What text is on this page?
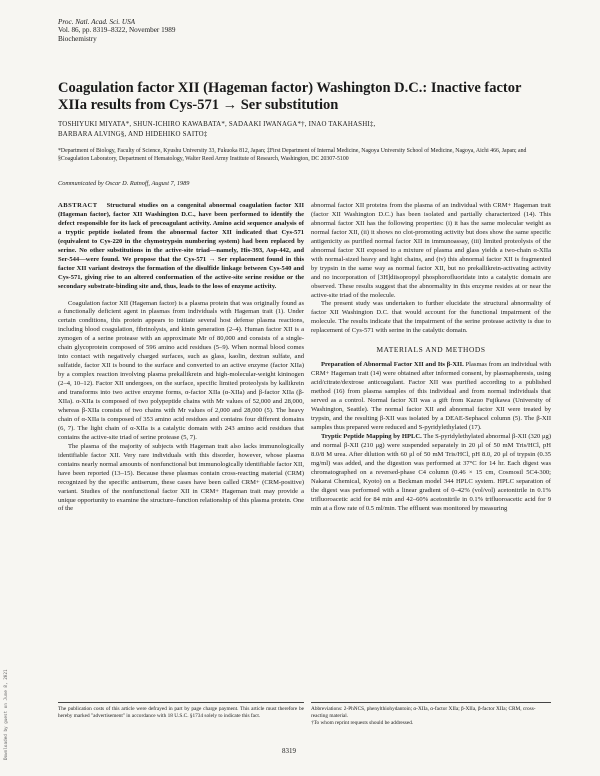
Proc. Natl. Acad. Sci. USA
Vol. 86, pp. 8319–8322, November 1989
Biochemistry
Coagulation factor XII (Hageman factor) Washington D.C.: Inactive factor XIIa results from Cys-571 → Ser substitution
TOSHIYUKI MIYATA*, SHUN-ICHIRO KAWABATA*, SADAAKI IWANAGA*†, INAO TAKAHASHI‡,
BARBARA ALVING§, AND HIDEHIKO SAITO‡
*Department of Biology, Faculty of Science, Kyushu University 33, Fukuoka 812, Japan; ‡First Department of Internal Medicine, Nagoya University School of Medicine, Nagoya, Aichi 466, Japan; and §Coagulation Laboratory, Department of Hematology, Walter Reed Army Institute of Research, Washington, DC 20307-5100
Communicated by Oscar D. Ratnoff, August 7, 1989

ABSTRACT Structural studies on a congenital abnormal coagulation factor XII (Hageman factor), factor XII Washington D.C., have been performed to identify the defect responsible for its lack of procoagulant activity. Amino acid sequence analysis of a tryptic peptide isolated from the abnormal factor XII indicated that Cys-571 (equivalent to Cys-220 in the chymotrypsin numbering system) had been replaced by serine. No other substitutions in the active-site triad—namely, His-393, Asp-442, and Ser-544—were found. We propose that the Cys-571 → Ser replacement found in this factor XII variant destroys the formation of the disulfide linkage between Cys-540 and Cys-571, giving rise to an altered conformation of the active-site serine residue or the secondary substrate-binding site and, thus, leads to the loss of enzyme activity.

Coagulation factor XII (Hageman factor) is a plasma protein that was originally found as a functionally deficient agent in plasmas from individuals with Hageman trait (1). Under certain conditions, this protein appears to initiate several host defense plasma reactions, including blood coagulation, fibrinolysis, and kinin generation (2–4). Human factor XII is a zymogen of a serine protease with an approximate Mr of 80,000 and consists of a single-chain glycoprotein composed of 596 amino acid residues (5–9). When normal blood comes into contact with negatively charged surfaces, such as glass, kaolin, dextran sulfate, and sulfatide, factor XII is bound to the surface and converted to an active enzyme (factor XIIa) by a complex reaction involving plasma prekallikrein and high-molecular-weight kininogen (2–4, 10–12). Factor XII undergoes, on the surface, specific limited proteolysis by kallikrein and transforms into two active enzyme forms, α-factor XIIa (α-XIIa) and β-factor XIIa (β-XIIa). α-XIIa is composed of two polypeptide chains with Mr values of 52,000 and 28,000, whereas β-XIIa consists of two chains with Mr values of 2,000 and 28,000 (5). The heavy chain of α-XIIa is composed of 353 amino acid residues and contains four different domains (6, 7). The light chain of α-XIIa is a catalytic domain with 243 amino acid residues that contains the active-site triad of serine protease (5, 7).

The plasma of the majority of subjects with Hageman trait also lacks immunologically identifiable factor XII. Very rare individuals with this disorder, however, whose plasma contains nearly normal amounts of nonfunctional but immunologically identifiable factor XII, have been reported (13–15). Because these plasmas contain cross-reacting material (CRM) recognized by the specific antiserum, these cases have been called CRM+ (CRM-positive) variant. Studies of the nonfunctional factor XII in CRM+ Hageman trait may provide a unique opportunity to examine the structure–function relationship of this plasma protein. One of the

abnormal factor XII proteins from the plasma of an individual with CRM+ Hageman trait (factor XII Washington D.C.) has been isolated and partially characterized (14). This abnormal factor XII has the following properties: (i) it has the same molecular weight as normal factor XII, (ii) it shows no clot-promoting activity but does show the same specific antigenicity as purified normal factor XII in immunoassay, (iii) limited proteolysis of the abnormal factor XII exposed to a mixture of plasma and glass yields a two-chain α-XIIa with normal-sized heavy and light chains, and (iv) this abnormal factor XII is fragmented by trypsin in the same way as normal factor XII, but no prekallikrein-activating activity and no incorporation of [3H]diisopropyl phosphorofluoridate into a catalytic domain are observed. These results suggest that the abnormality in this enzyme resides at or near the active-site triad of the molecule.

The present study was undertaken to further elucidate the structural abnormality of factor XII Washington D.C. that would account for the functional impairment of the molecule. The results indicate that the impairment of the serine protease activity is due to replacement of Cys-571 with serine in the catalytic domain.

MATERIALS AND METHODS

Preparation of Abnormal Factor XII and Its β-XII. Plasmas from an individual with CRM+ Hageman trait (14) were obtained after informed consent, by plasmapheresis, using acid/citrate/dextrose anticoagulant. Factor XII was purified according to a published method (16) from plasma samples of this individual and from normal individuals that served as a control. Normal factor XII was a gift from Kazuo Fujikawa (University of Washington, Seattle). The normal factor XII and abnormal factor XII were treated by trypsin, and the resulting β-XII was isolated by a DEAE-Sephacel column (5). The β-XII samples thus prepared were reduced and S-pyridylethylated (17).

Tryptic Peptide Mapping by HPLC. The S-pyridylethylated abnormal β-XII (320 μg) and normal β-XII (210 μg) were suspended separately in 20 μl of 50 mM Tris/HCl, pH 8.0/8 M urea. After dilution with 60 μl of 50 mM Tris/HCl, pH 8.0, 20 μl of trypsin (0.35 mg/ml) was added, and the digestion was performed at 37°C for 14 hr. Each digest was chromatographed on a reversed-phase C4 column (0.46 × 15 cm, Cosmosil 5C4-300; Nakarai Chemical, Kyoto) on a Beckman model 344 HPLC system. HPLC separation of the digest was performed with a linear gradient of 0–42% (vol/vol) acetonitrile in 0.1% trifluoroacetic acid for 84 min and 42–60% acetonitrile in 0.1% trifluoroacetic acid for 9 min at a flow rate of 0.5 ml/min. The effluent was monitored by measuring

The publication costs of this article were defrayed in part by page charge payment. This article must therefore be hereby marked "advertisement" in accordance with 18 U.S.C. §1734 solely to indicate this fact.
Abbreviations: 2-PhNCS, phenylthiohydantoin; α-XIIa, α-factor XIIa; β-XIIa, β-factor XIIa; CRM, cross-reacting material.
†To whom reprint requests should be addressed.
8319
Downloaded by guest on June 8, 2021
